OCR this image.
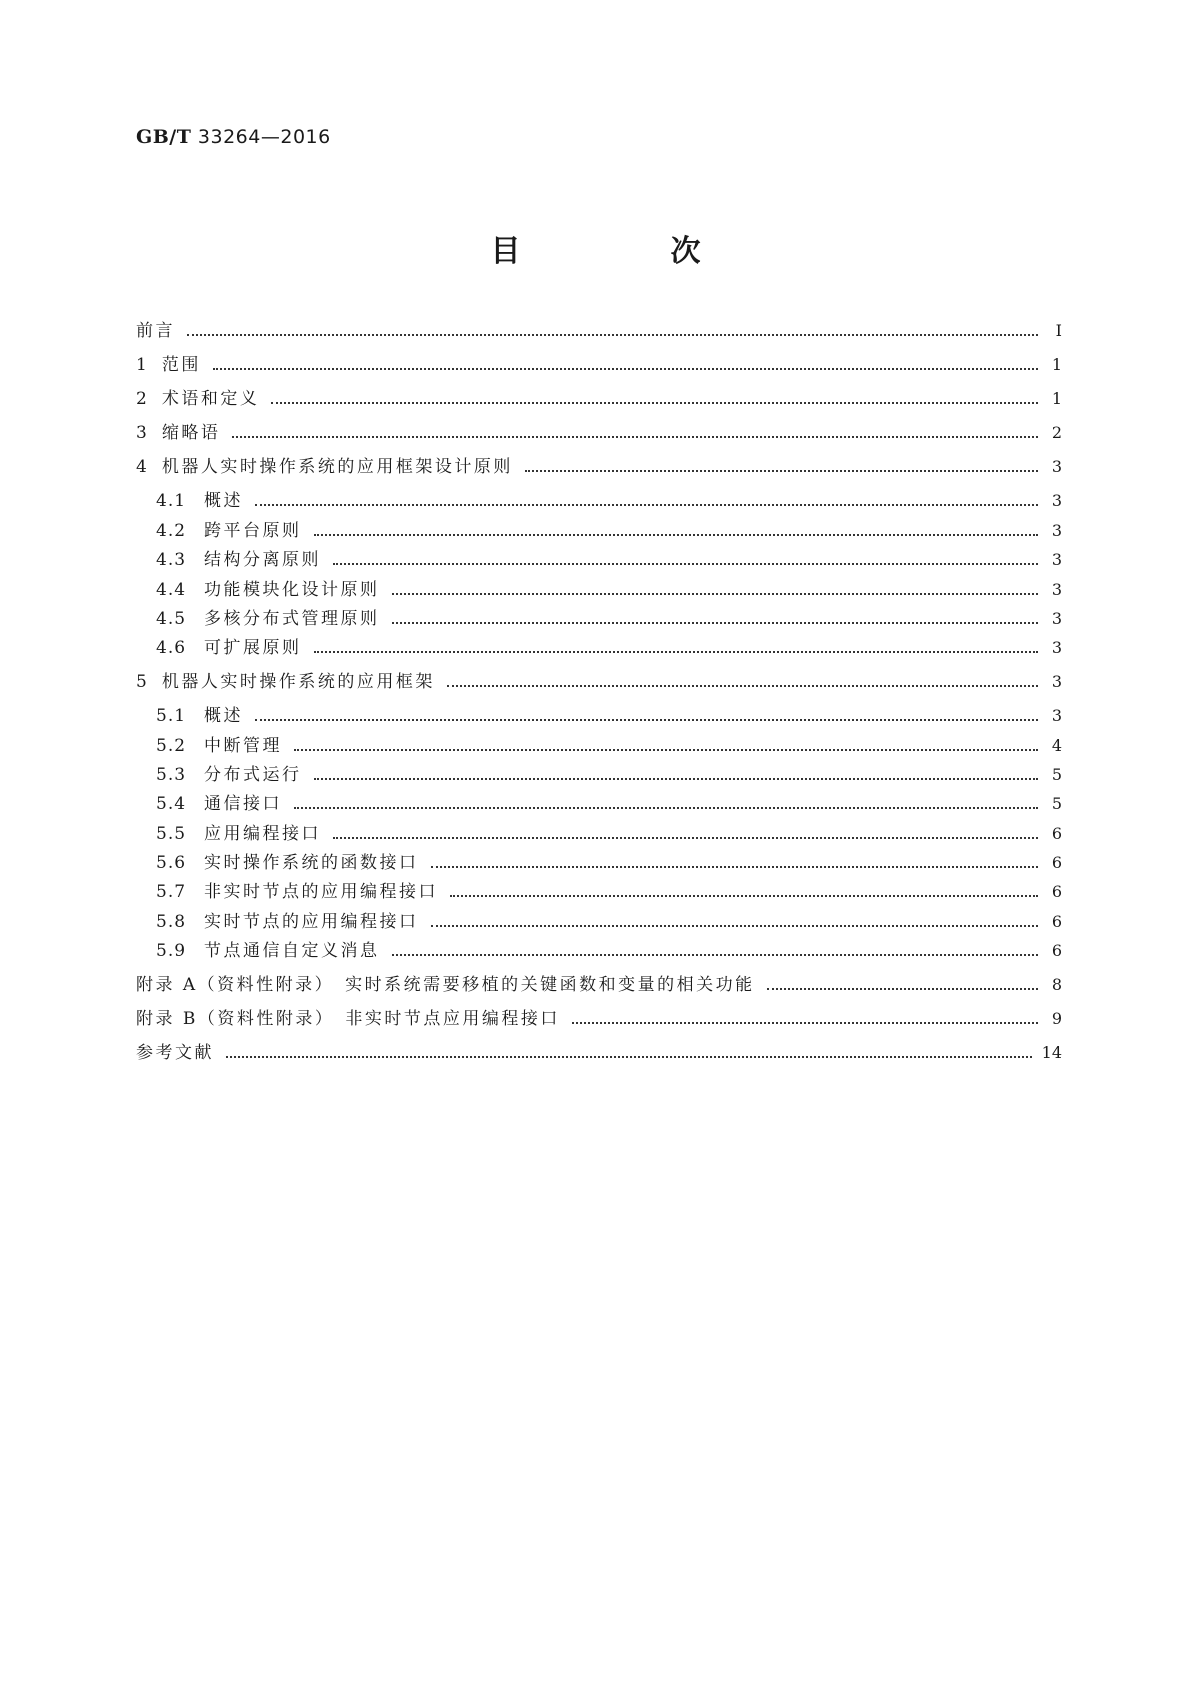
GB/T 33264—2016
目　次
前言	Ⅰ
1 范围	1
2 术语和定义	1
3 缩略语	2
4 机器人实时操作系统的应用框架设计原则	3
4.1 概述	3
4.2 跨平台原则	3
4.3 结构分离原则	3
4.4 功能模块化设计原则	3
4.5 多核分布式管理原则	3
4.6 可扩展原则	3
5 机器人实时操作系统的应用框架	3
5.1 概述	3
5.2 中断管理	4
5.3 分布式运行	5
5.4 通信接口	5
5.5 应用编程接口	6
5.6 实时操作系统的函数接口	6
5.7 非实时节点的应用编程接口	6
5.8 实时节点的应用编程接口	6
5.9 节点通信自定义消息	6
附录 A（资料性附录）　实时系统需要移植的关键函数和变量的相关功能	8
附录 B（资料性附录）　非实时节点应用编程接口	9
参考文献	14
